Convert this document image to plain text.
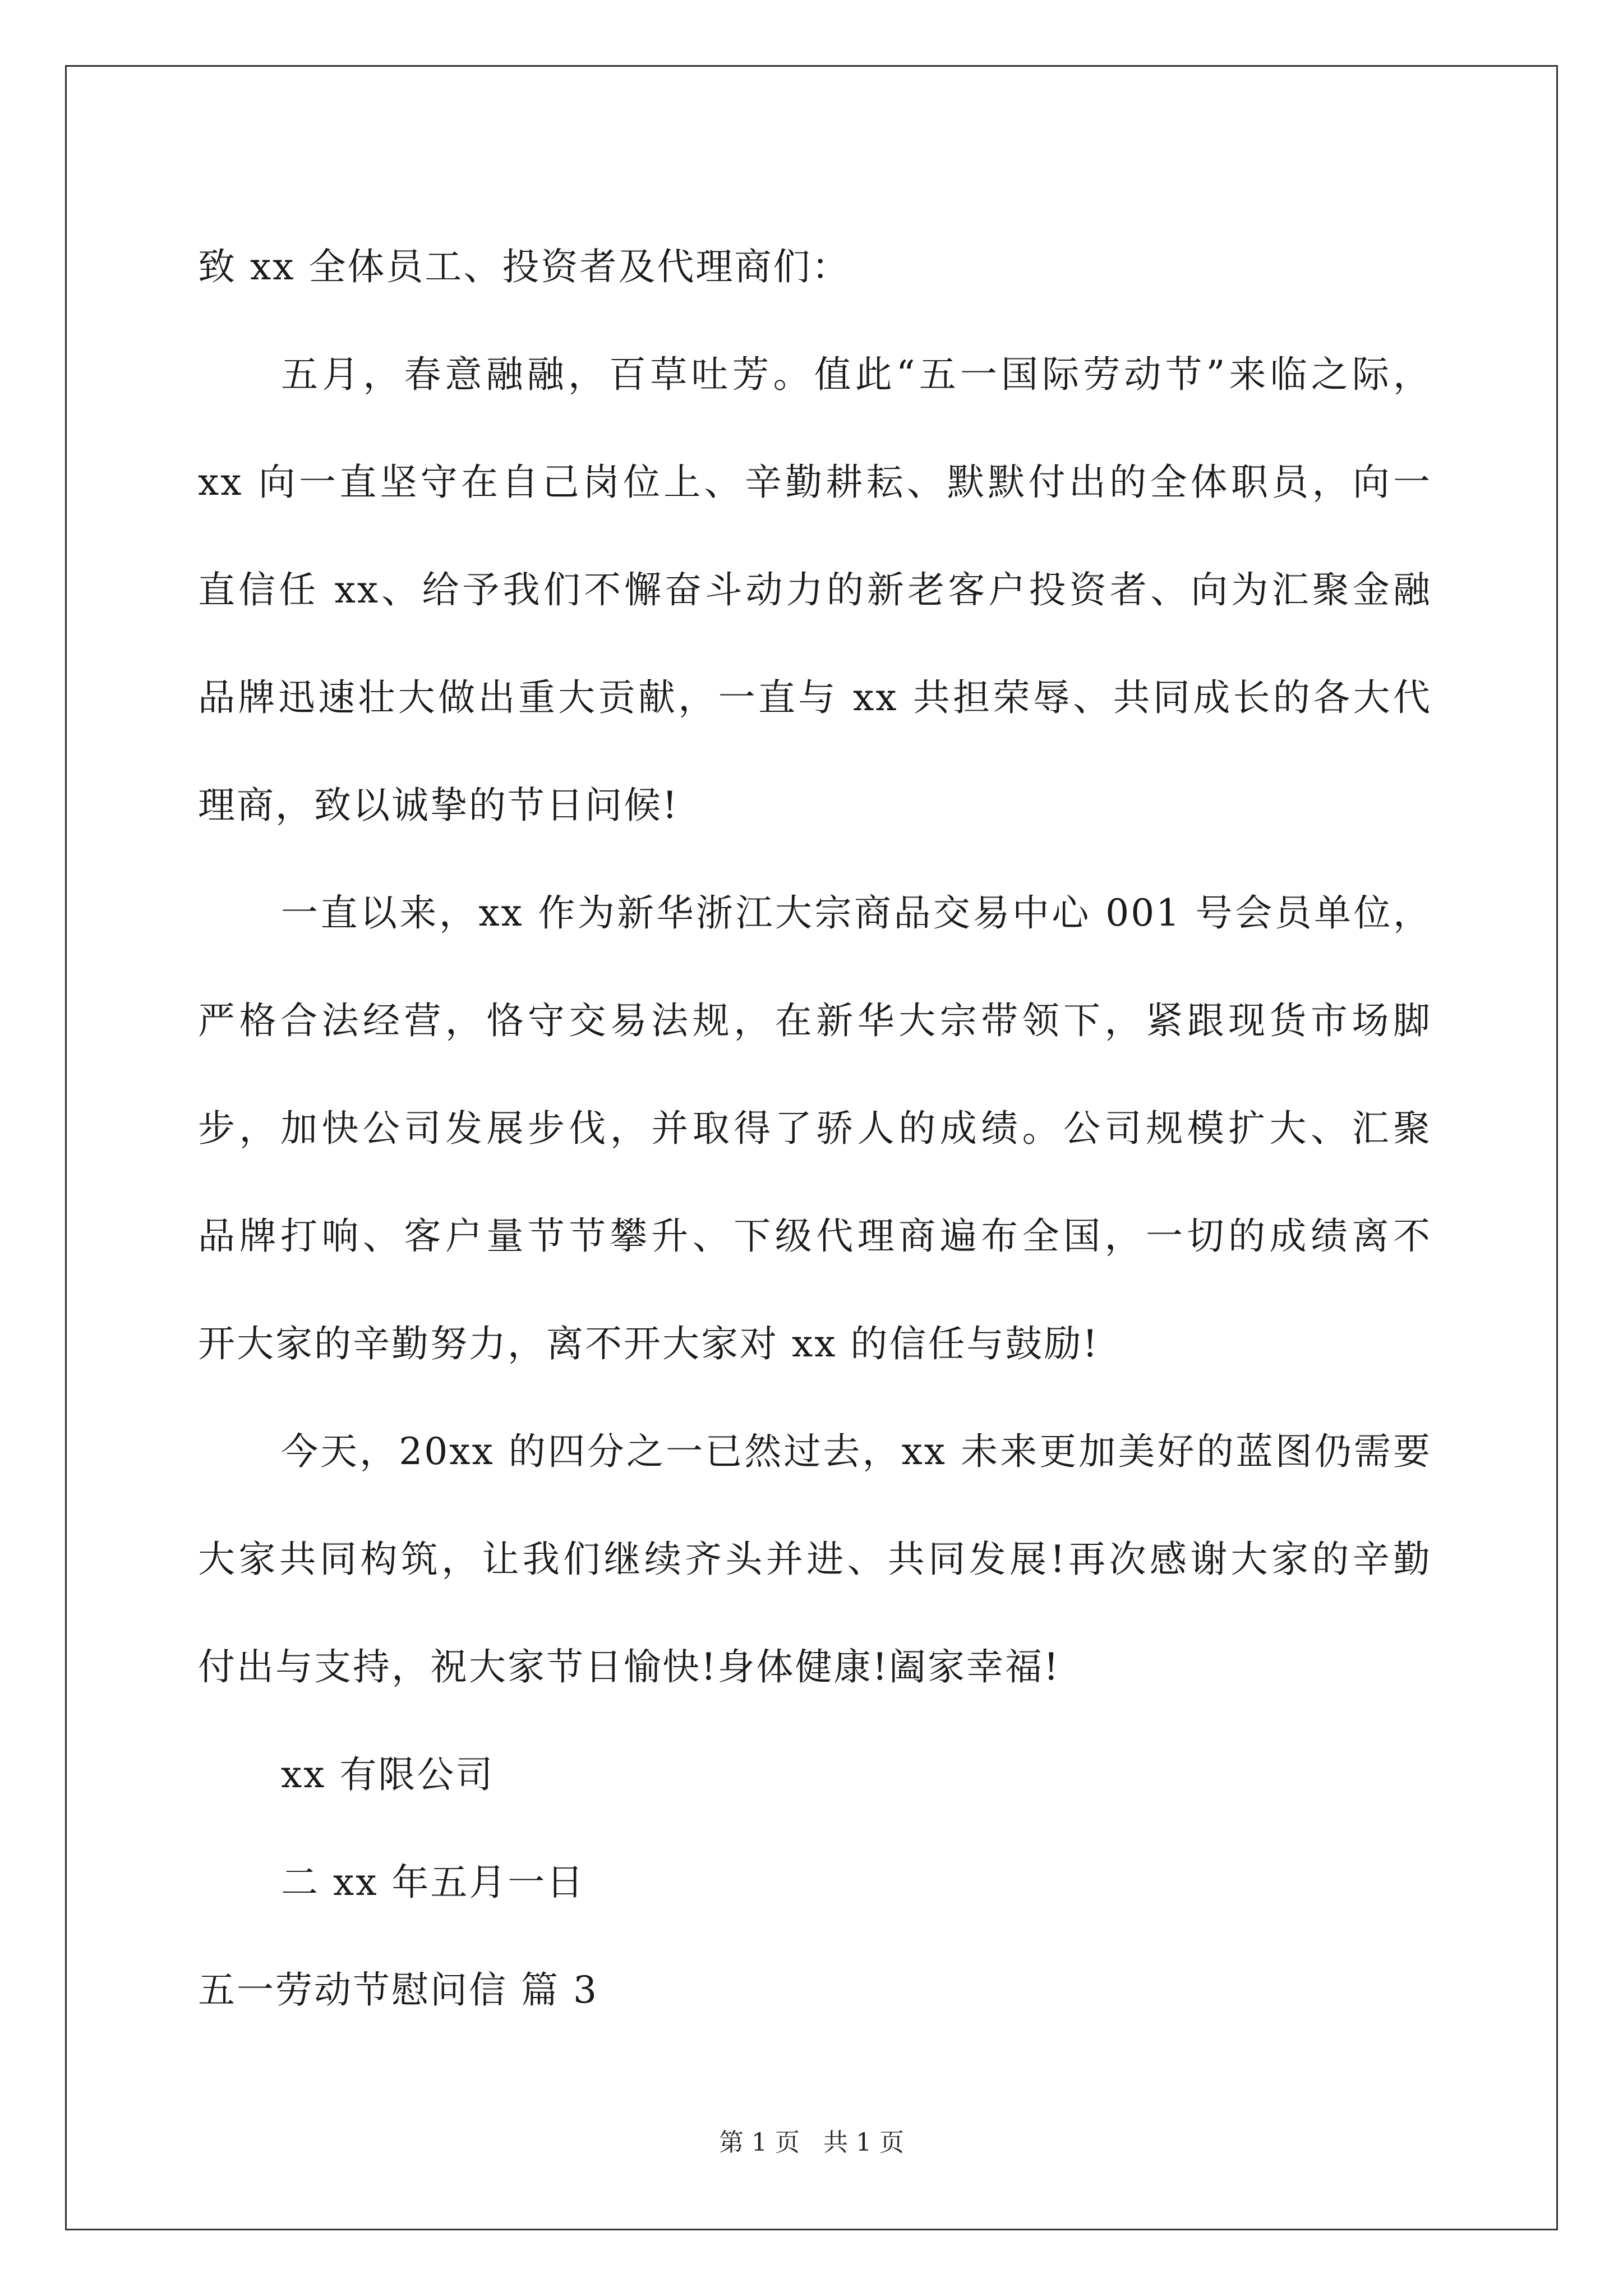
致 xx 全体员工、投资者及代理商们：

五月，春意融融，百草吐芳。值此“五一国际劳动节”来临之际，

xx 向一直坚守在自己岗位上、辛勤耕耘、默默付出的全体职员，向一

直信任 xx、给予我们不懈奋斗动力的新老客户投资者、向为汇聚金融

品牌迅速壮大做出重大贡献，一直与 xx 共担荣辱、共同成长的各大代

理商，致以诚挚的节日问候!

一直以来，xx 作为新华浙江大宗商品交易中心 001 号会员单位，

严格合法经营，恪守交易法规，在新华大宗带领下，紧跟现货市场脚

步，加快公司发展步伐，并取得了骄人的成绩。公司规模扩大、汇聚

品牌打响、客户量节节攀升、下级代理商遍布全国，一切的成绩离不

开大家的辛勤努力，离不开大家对 xx 的信任与鼓励!

今天，20xx 的四分之一已然过去，xx 未来更加美好的蓝图仍需要

大家共同构筑，让我们继续齐头并进、共同发展!再次感谢大家的辛勤

付出与支持，祝大家节日愉快!身体健康!阖家幸福!

xx 有限公司

二 xx 年五月一日

五一劳动节慰问信 篇 3

第 1 页   共 1 页
